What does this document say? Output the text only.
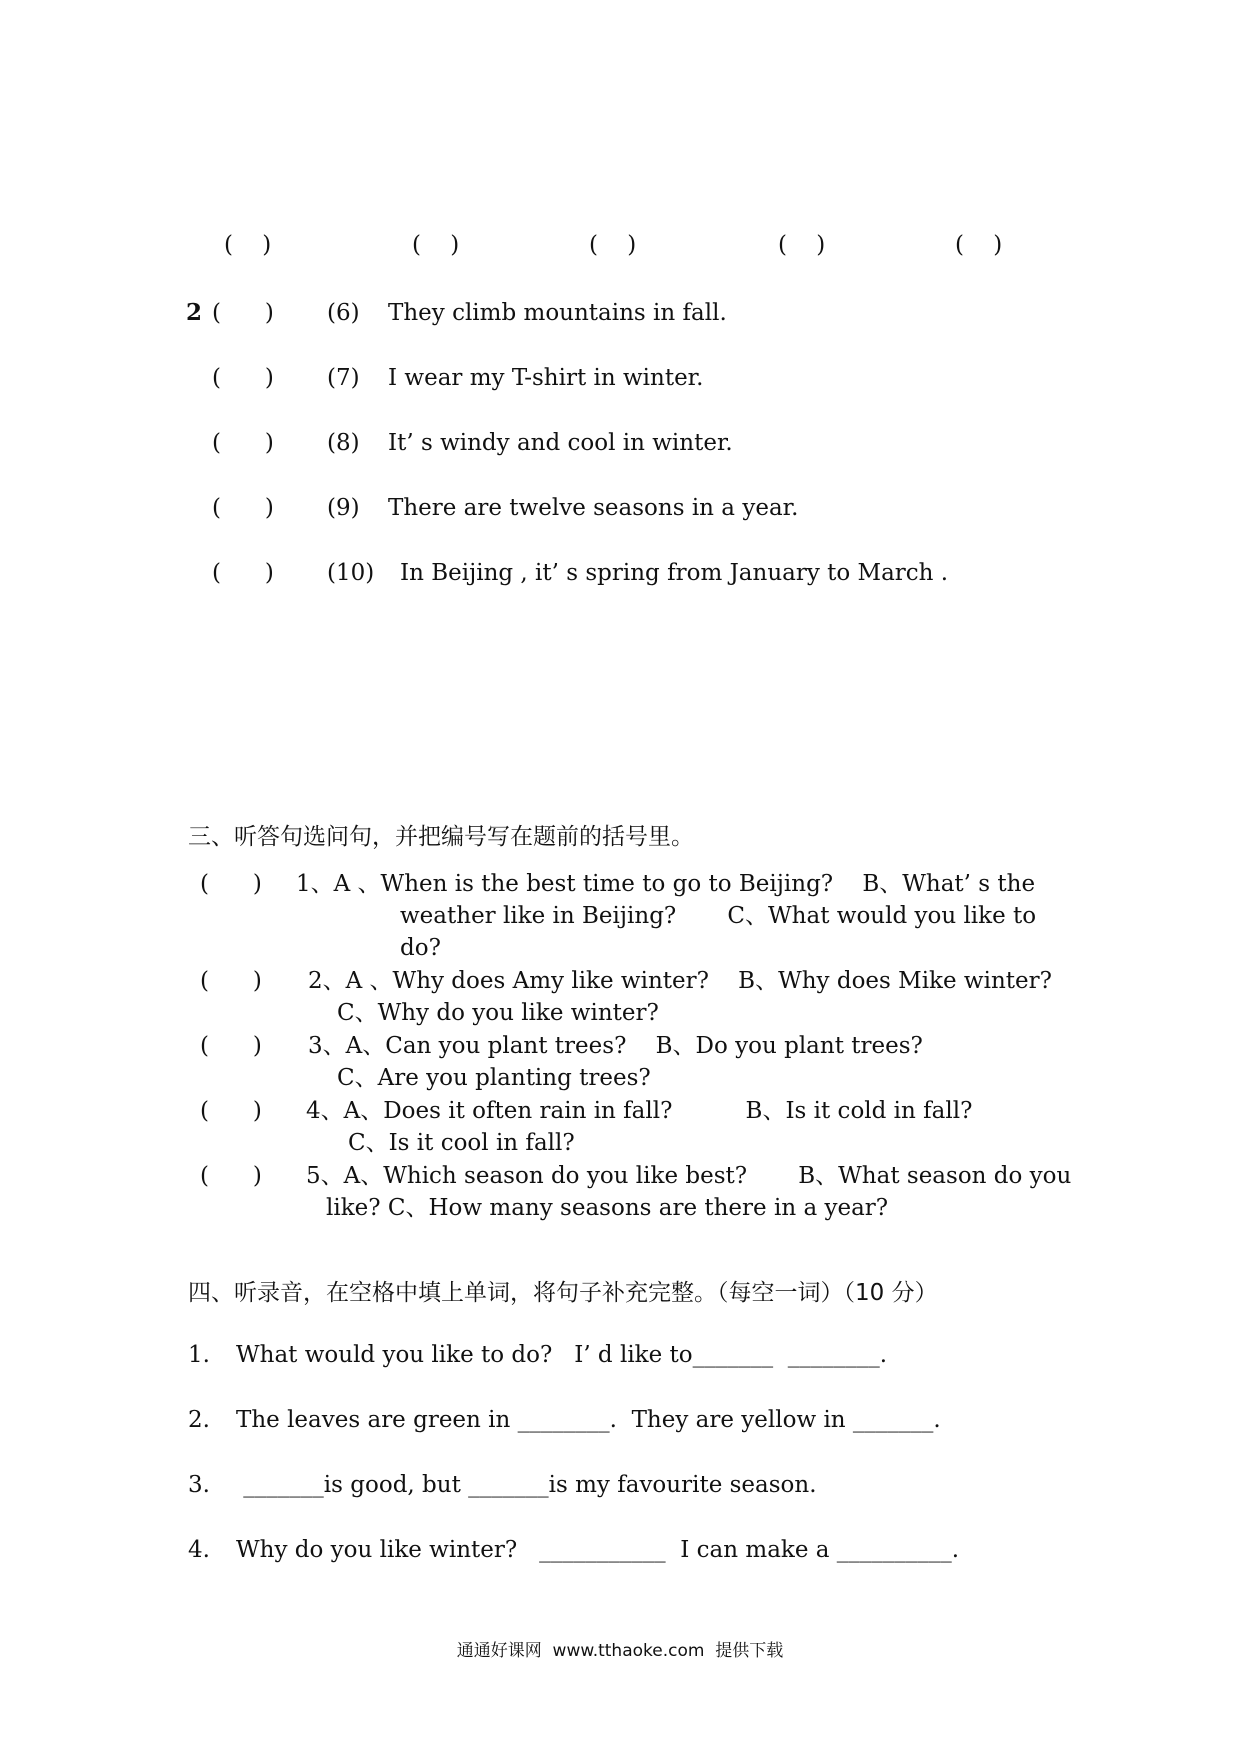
(    )	(    )	(    )	(    )	(    )
2 (      ) (6) They climb mountains in fall.
(      ) (7) I wear my T-shirt in winter.
(      ) (8) It’ s windy and cool in winter.
(      ) (9) There are twelve seasons in a year.
(      ) (10) In Beijing , it’ s spring from January to March .
三、听答句选问句，并把编号写在题前的括号里。
(      ) 1、A 、When is the best time to go to Beijing?    B、What’ s the
weather like in Beijing?       C、What would you like to
do?
(      ) 2、A 、Why does Amy like winter?    B、Why does Mike winter?
C、Why do you like winter?
(      ) 3、A、Can you plant trees?    B、Do you plant trees?
C、Are you planting trees?
(      ) 4、A、Does it often rain in fall?          B、Is it cold in fall?
C、Is it cool in fall?
(      ) 5、A、Which season do you like best?       B、What season do you
like? C、How many seasons are there in a year?
四、听录音，在空格中填上单词，将句子补充完整。（每空一词）（10 分）
1. What would you like to do?   I’ d like to_______  ________.
2. The leaves are green in ________.  They are yellow in _______.
3. _______is good, but _______is my favourite season.
4. Why do you like winter?   ___________  I can make a __________.
通通好课网  www.tthaoke.com  提供下载
